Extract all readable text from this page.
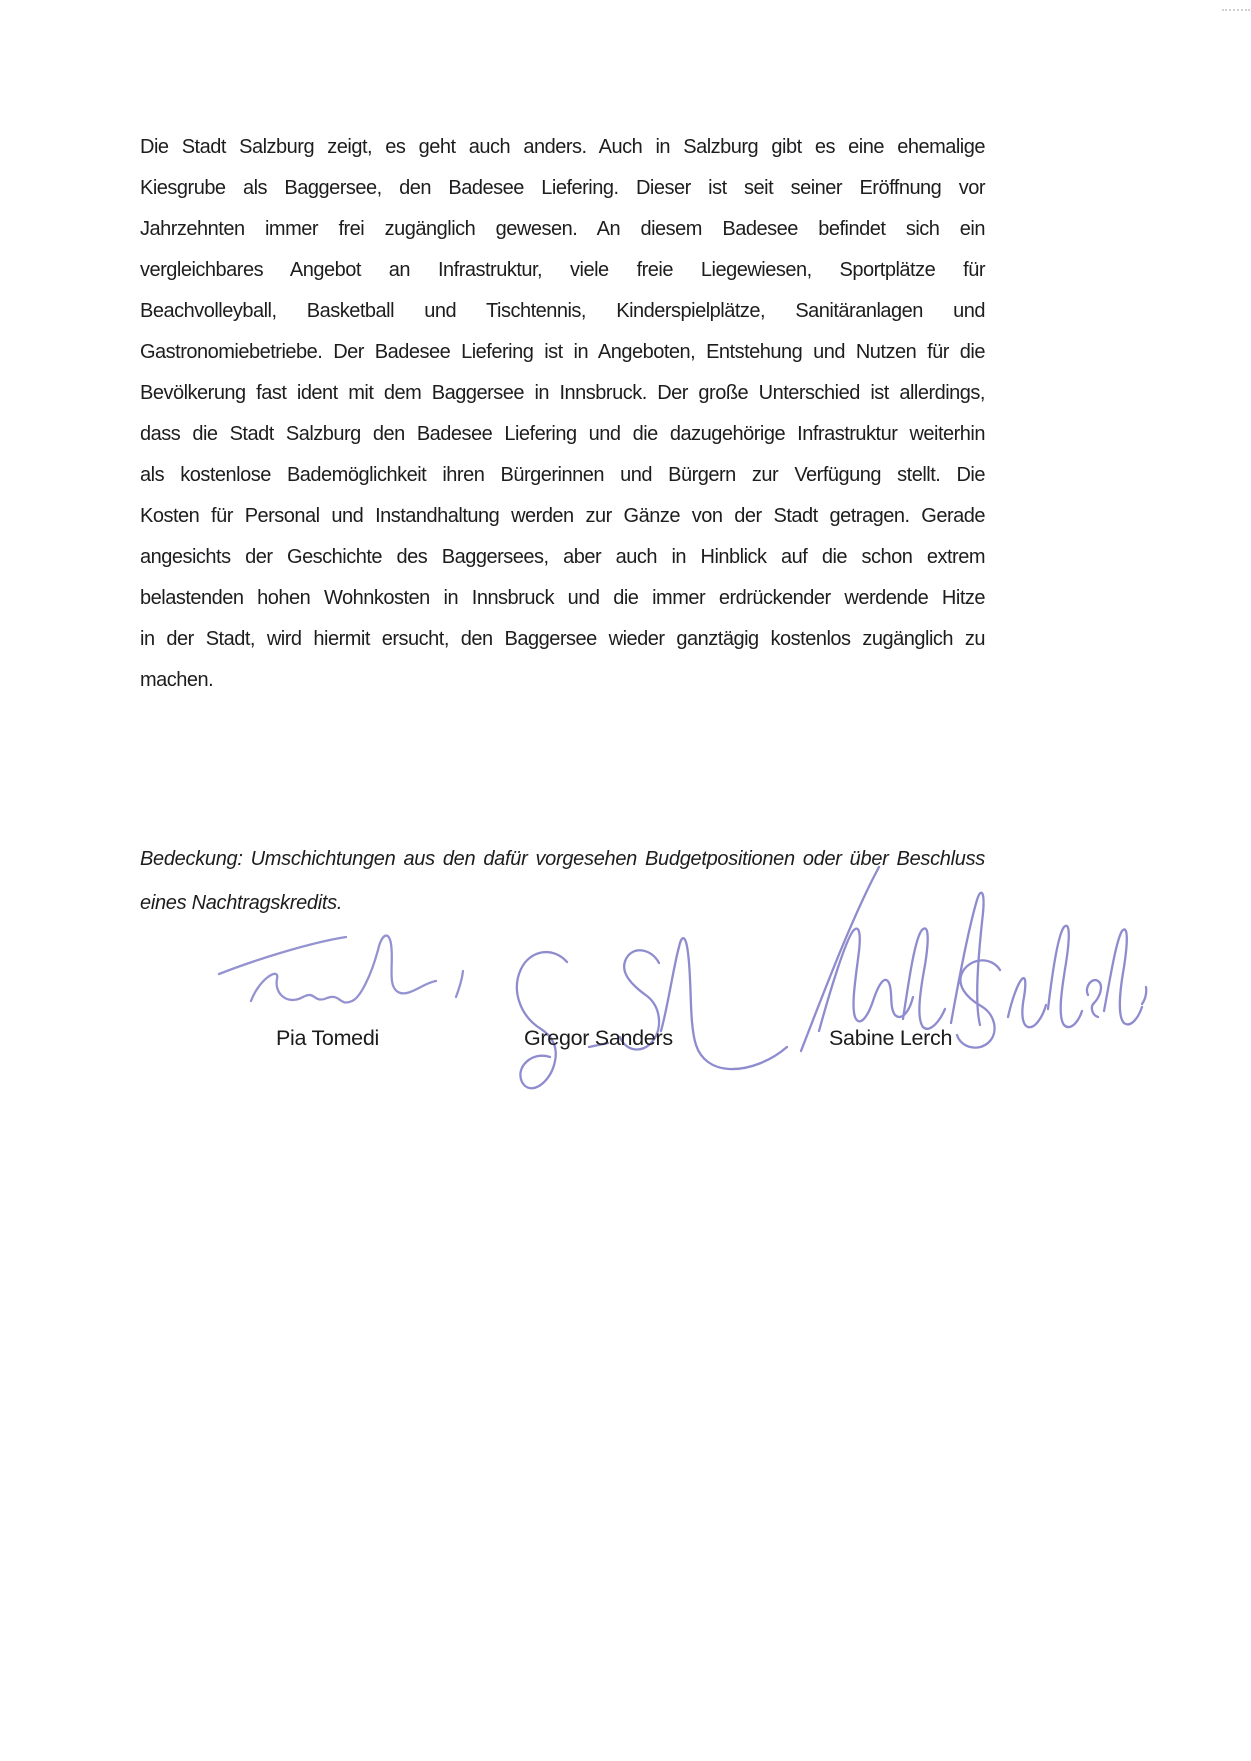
Die Stadt Salzburg zeigt, es geht auch anders. Auch in Salzburg gibt es eine ehemalige
Kiesgrube als Baggersee, den Badesee Liefering. Dieser ist seit seiner Eröffnung vor
Jahrzehnten immer frei zugänglich gewesen. An diesem Badesee befindet sich ein
vergleichbares Angebot an Infrastruktur, viele freie Liegewiesen, Sportplätze für
Beachvolleyball, Basketball und Tischtennis, Kinderspielplätze, Sanitäranlagen und
Gastronomiebetriebe. Der Badesee Liefering ist in Angeboten, Entstehung und Nutzen für die
Bevölkerung fast ident mit dem Baggersee in Innsbruck. Der große Unterschied ist allerdings,
dass die Stadt Salzburg den Badesee Liefering und die dazugehörige Infrastruktur weiterhin
als kostenlose Bademöglichkeit ihren Bürgerinnen und Bürgern zur Verfügung stellt. Die
Kosten für Personal und Instandhaltung werden zur Gänze von der Stadt getragen. Gerade
angesichts der Geschichte des Baggersees, aber auch in Hinblick auf die schon extrem
belastenden hohen Wohnkosten in Innsbruck und die immer erdrückender werdende Hitze
in der Stadt, wird hiermit ersucht, den Baggersee wieder ganztägig kostenlos zugänglich zu
machen.
Bedeckung: Umschichtungen aus den dafür vorgesehen Budgetpositionen oder über Beschluss
eines Nachtragskredits.
Pia Tomedi	Gregor Sanders	Sabine Lerch
